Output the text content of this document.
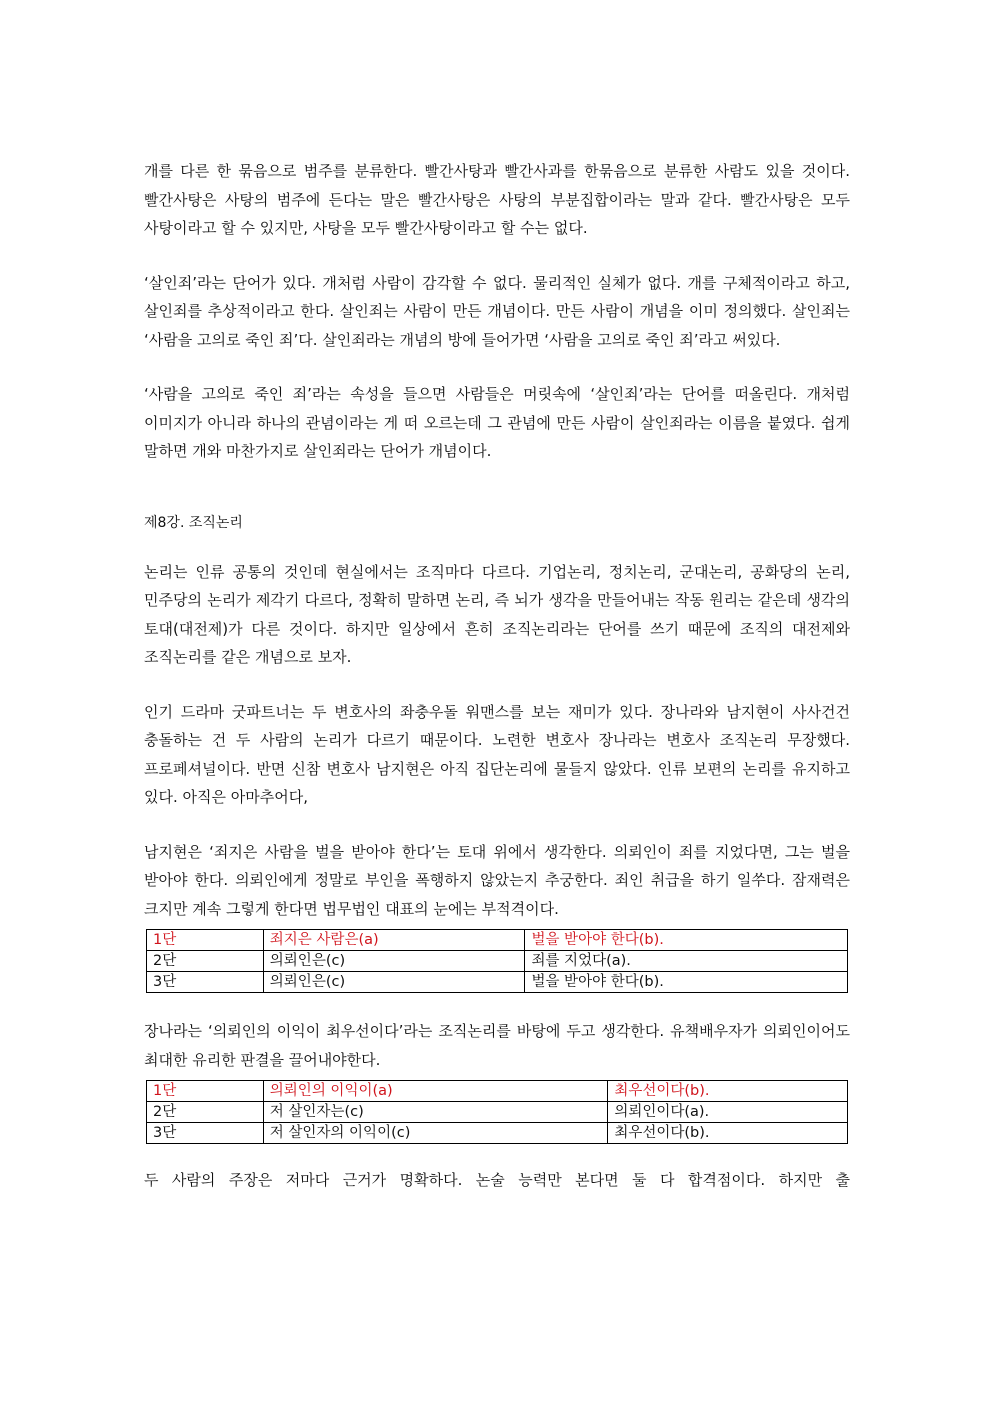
개를 다른 한 묶음으로 범주를 분류한다. 빨간사탕과 빨간사과를 한묶음으로 분류한 사람도 있을 것이다. 빨간사탕은 사탕의 범주에 든다는 말은 빨간사탕은 사탕의 부분집합이라는 말과 같다. 빨간사탕은 모두 사탕이라고 할 수 있지만, 사탕을 모두 빨간사탕이라고 할 수는 없다.

‘살인죄’라는 단어가 있다. 개처럼 사람이 감각할 수 없다. 물리적인 실체가 없다. 개를 구체적이라고 하고, 살인죄를 추상적이라고 한다. 살인죄는 사람이 만든 개념이다. 만든 사람이 개념을 이미 정의했다. 살인죄는 ‘사람을 고의로 죽인 죄’다. 살인죄라는 개념의 방에 들어가면 ‘사람을 고의로 죽인 죄’라고 써있다.

‘사람을 고의로 죽인 죄’라는 속성을 들으면 사람들은 머릿속에 ‘살인죄’라는 단어를 떠올린다. 개처럼 이미지가 아니라 하나의 관념이라는 게 떠 오르는데 그 관념에 만든 사람이 살인죄라는 이름을 붙였다. 쉽게 말하면 개와 마찬가지로 살인죄라는 단어가 개념이다.

제8강. 조직논리

논리는 인류 공통의 것인데 현실에서는 조직마다 다르다. 기업논리, 정치논리, 군대논리, 공화당의 논리, 민주당의 논리가 제각기 다르다, 정확히 말하면 논리, 즉 뇌가 생각을 만들어내는 작동 원리는 같은데 생각의 토대(대전제)가 다른 것이다. 하지만 일상에서 흔히 조직논리라는 단어를 쓰기 때문에 조직의 대전제와 조직논리를 같은 개념으로 보자.

인기 드라마 굿파트너는 두 변호사의 좌충우돌 워맨스를 보는 재미가 있다. 장나라와 남지현이 사사건건 충돌하는 건 두 사람의 논리가 다르기 때문이다. 노련한 변호사 장나라는 변호사 조직논리 무장했다. 프로페셔널이다. 반면 신참 변호사 남지현은 아직 집단논리에 물들지 않았다. 인류 보편의 논리를 유지하고 있다. 아직은 아마추어다,

남지현은 ‘죄지은 사람을 벌을 받아야 한다’는 토대 위에서 생각한다. 의뢰인이 죄를 지었다면, 그는 벌을 받아야 한다. 의뢰인에게 정말로 부인을 폭행하지 않았는지 추궁한다. 죄인 취급을 하기 일쑤다. 잠재력은 크지만 계속 그렇게 한다면 법무법인 대표의 눈에는 부적격이다.

1단	죄지은 사람은(a)	벌을 받아야 한다(b).
2단	의뢰인은(c)	죄를 지었다(a).
3단	의뢰인은(c)	벌을 받아야 한다(b).

장나라는 ‘의뢰인의 이익이 최우선이다’라는 조직논리를 바탕에 두고 생각한다. 유책배우자가 의뢰인이어도 최대한 유리한 판결을 끌어내야한다.

1단	의뢰인의 이익이(a)	최우선이다(b).
2단	저 살인자는(c)	의뢰인이다(a).
3단	저 살인자의 이익이(c)	최우선이다(b).

두 사람의 주장은 저마다 근거가 명확하다. 논술 능력만 본다면 둘 다 합격점이다. 하지만 출
